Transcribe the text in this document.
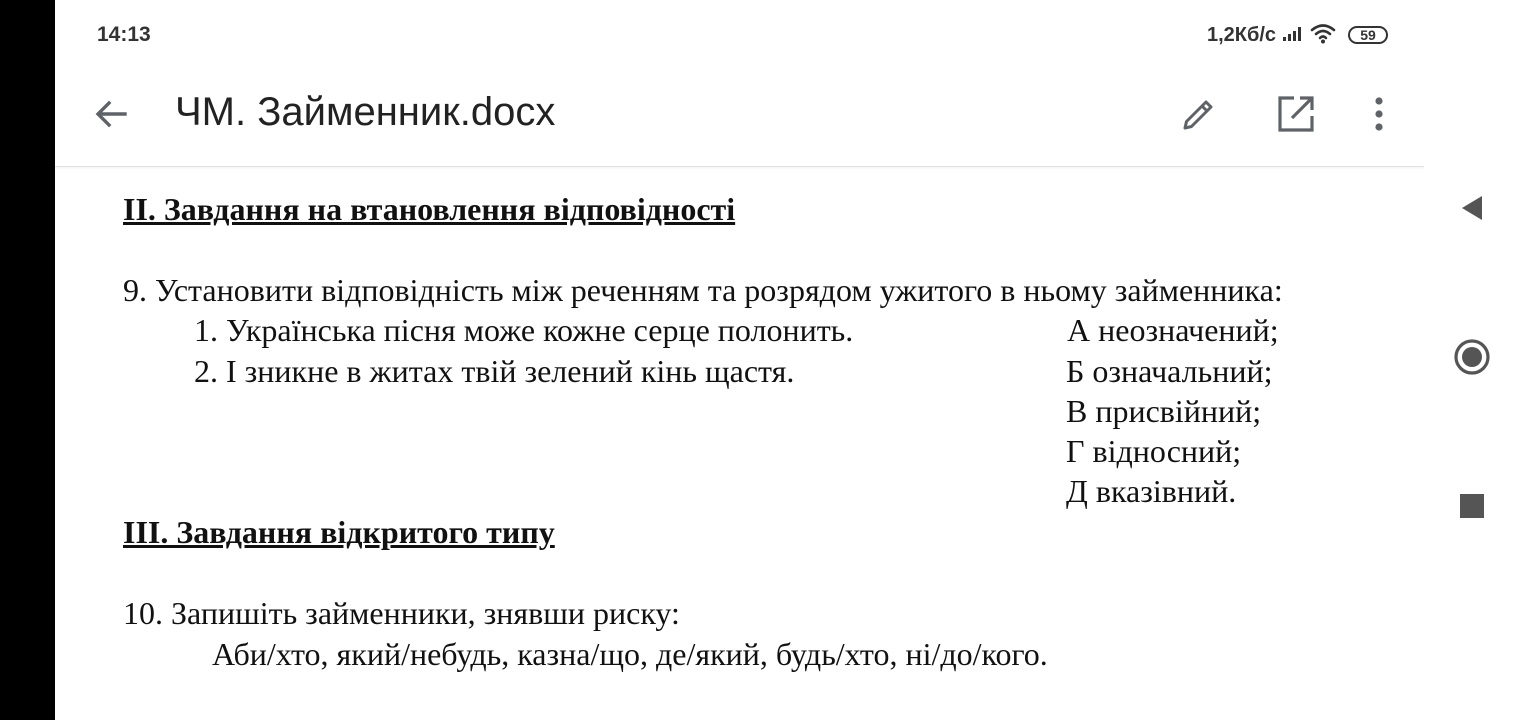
14:13	1,2Кб/с	59
ЧМ. Займенник.docx
II. Завдання на втановлення відповідності
9. Установити відповідність між реченням та розрядом ужитого в ньому займенника:
1. Українська пісня може кожне серце полонить.
2. І зникне в житах твій зелений кінь щастя.
А неозначений;
Б означальний;
В присвійний;
Г відносний;
Д вказівний.
III. Завдання відкритого типу
10. Запишіть займенники, знявши риску:
Аби/хто, який/небудь, казна/що, де/який, будь/хто, ні/до/кого.
